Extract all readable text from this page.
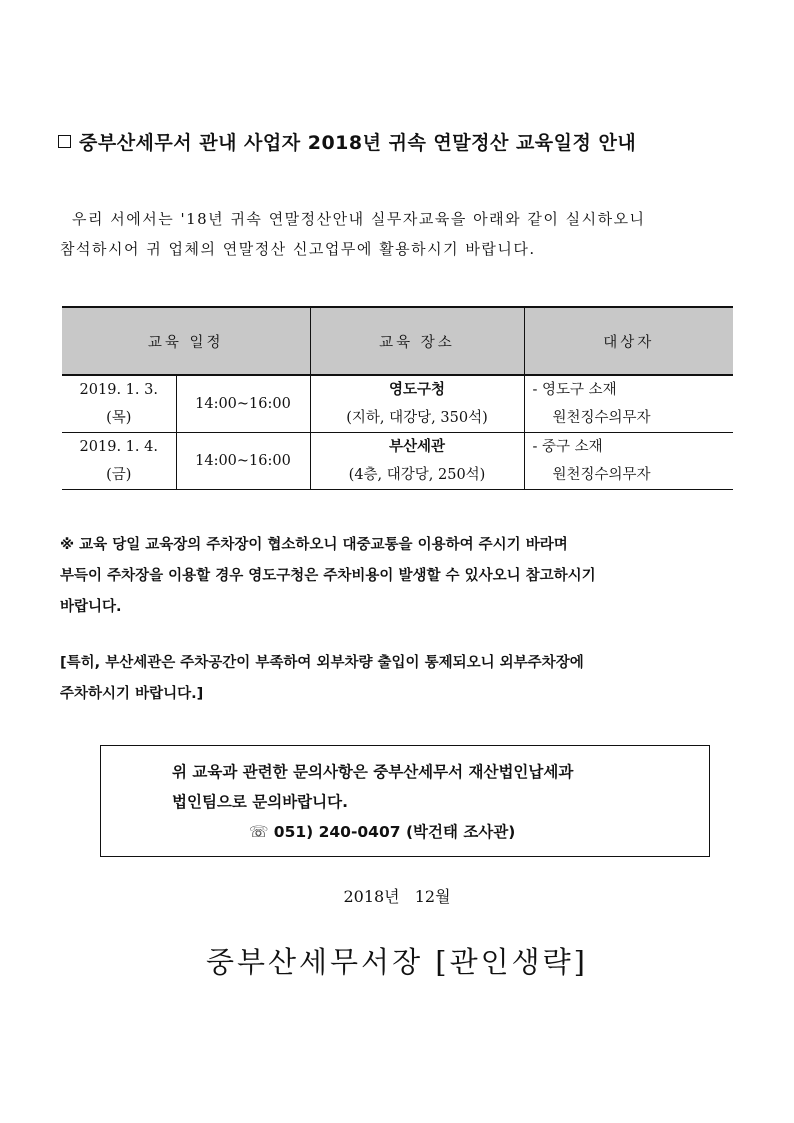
중부산세무서 관내 사업자 2018년 귀속 연말정산 교육일정 안내

우리 서에서는 '18년 귀속 연말정산안내 실무자교육을 아래와 같이 실시하오니

참석하시어 귀 업체의 연말정산 신고업무에 활용하시기 바랍니다.

교육 일정		교육 장소	대상자
2019. 1. 3.	14:00~16:00	영도구청	- 영도구 소재
(목)		(지하, 대강당, 350석)	원천징수의무자
2019. 1. 4.	14:00~16:00	부산세관	- 중구 소재
(금)		(4층, 대강당, 250석)	원천징수의무자

※ 교육 당일 교육장의 주차장이 협소하오니 대중교통을 이용하여 주시기 바라며

부득이 주차장을 이용할 경우 영도구청은 주차비용이 발생할 수 있사오니 참고하시기

바랍니다.

[특히, 부산세관은 주차공간이 부족하여 외부차량 출입이 통제되오니 외부주차장에

주차하시기 바랍니다.]

위 교육과 관련한 문의사항은 중부산세무서 재산법인납세과
법인팀으로 문의바랍니다.
☏ 051) 240-0407 (박건태 조사관)
2018년 12월
중부산세무서장 [관인생략]
